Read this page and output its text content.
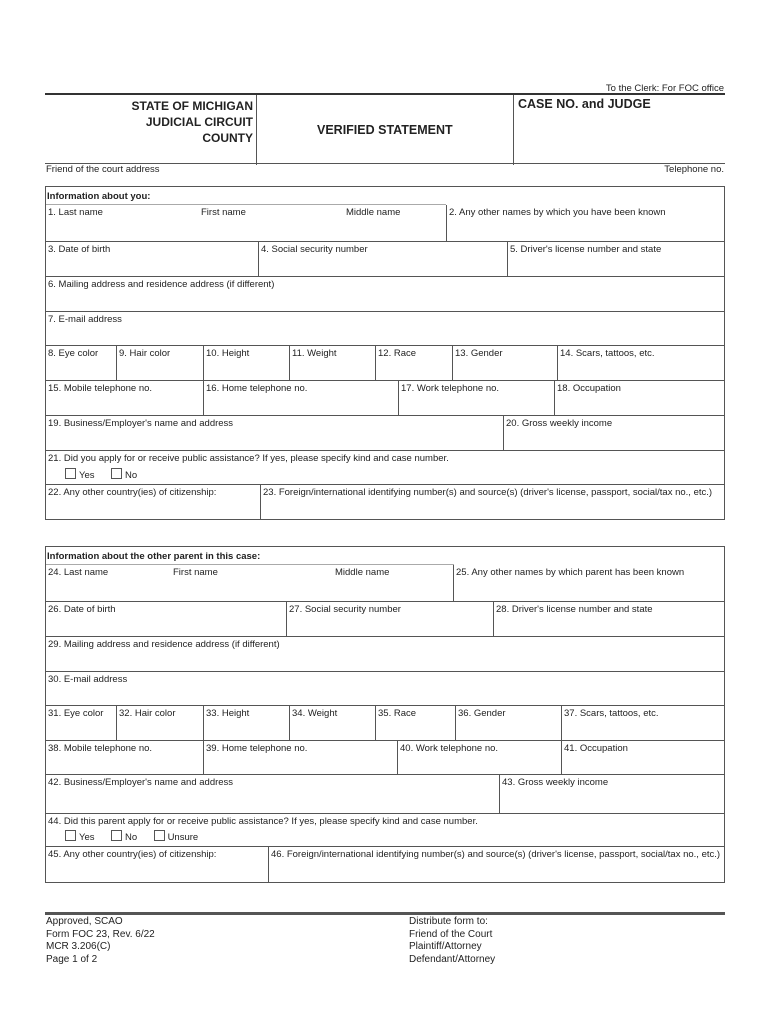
To the Clerk: For FOC office
STATE OF MICHIGAN
JUDICIAL CIRCUIT
COUNTY
VERIFIED STATEMENT
CASE NO. and JUDGE
Friend of the court address	Telephone no.
Information about you:
1. Last name	First name	Middle name	2. Any other names by which you have been known
3. Date of birth	4. Social security number	5. Driver's license number and state
6. Mailing address and residence address (if different)
7. E-mail address
8. Eye color 9. Hair color	10. Height	11. Weight	12. Race	13. Gender	14. Scars, tattoos, etc.
15. Mobile telephone no.	16. Home telephone no.	17. Work telephone no.	18. Occupation
19. Business/Employer's name and address	20. Gross weekly income
21. Did you apply for or receive public assistance? If yes, please specify kind and case number.
Yes	No
22. Any other country(ies) of citizenship:	23. Foreign/international identifying number(s) and source(s) (driver's license, passport, social/tax no., etc.)
Information about the other parent in this case:
24. Last name	First name	Middle name	25. Any other names by which parent has been known
26. Date of birth	27. Social security number	28. Driver's license number and state
29. Mailing address and residence address (if different)
30. E-mail address
31. Eye color 32. Hair color	33. Height	34. Weight	35. Race	36. Gender	37. Scars, tattoos, etc.
38. Mobile telephone no.	39. Home telephone no.	40. Work telephone no.	41. Occupation
42. Business/Employer's name and address	43. Gross weekly income
44. Did this parent apply for or receive public assistance? If yes, please specify kind and case number.
Yes	No	Unsure
45. Any other country(ies) of citizenship:	46. Foreign/international identifying number(s) and source(s) (driver's license, passport, social/tax no., etc.)
Approved, SCAO
Form FOC 23, Rev. 6/22
MCR 3.206(C)
Page 1 of 2
Distribute form to:
Friend of the Court
Plaintiff/Attorney
Defendant/Attorney
